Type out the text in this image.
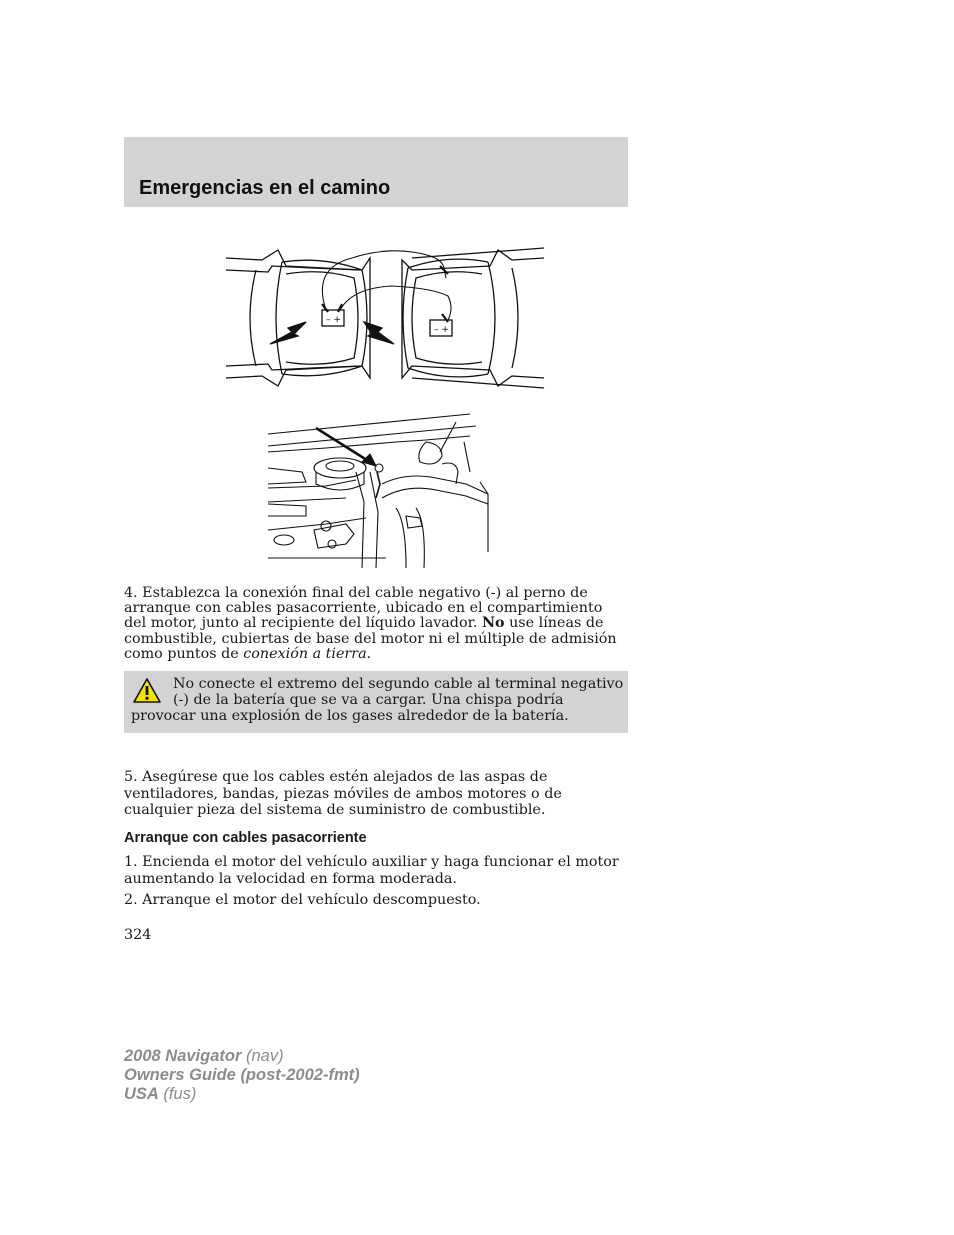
Emergencias en el camino
– +
– +
4. Establezca la conexión final del cable negativo (-) al perno de arranque con cables pasacorriente, ubicado en el compartimiento del motor, junto al recipiente del líquido lavador. No use líneas de combustible, cubiertas de base del motor ni el múltiple de admisión como puntos de conexión a tierra.
No conecte el extremo del segundo cable al terminal negativo (-) de la batería que se va a cargar. Una chispa podría provocar una explosión de los gases alrededor de la batería.
5. Asegúrese que los cables estén alejados de las aspas de ventiladores, bandas, piezas móviles de ambos motores o de cualquier pieza del sistema de suministro de combustible.
Arranque con cables pasacorriente
1. Encienda el motor del vehículo auxiliar y haga funcionar el motor aumentando la velocidad en forma moderada.
2. Arranque el motor del vehículo descompuesto.
324
2008 Navigator (nav)
Owners Guide (post-2002-fmt)
USA (fus)
